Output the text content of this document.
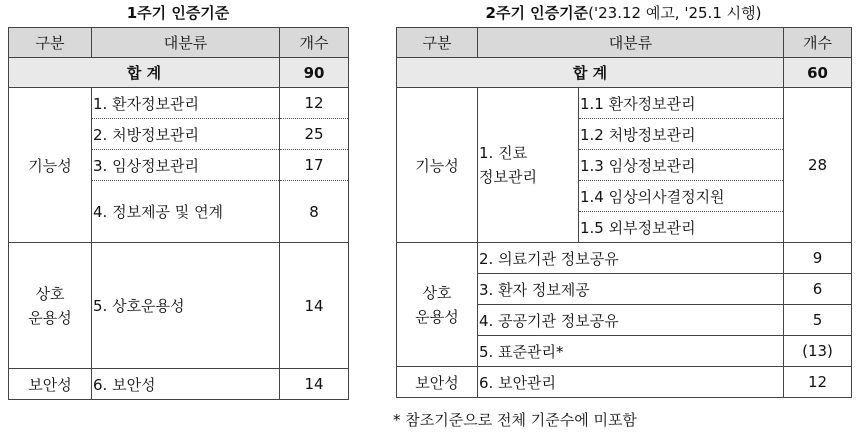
1주기 인증기준	2주기 인증기준('23.12 예고, '25.1 시행)
구분	대분류	개수
합 계		90
기능성	1. 환자정보관리	12
	2. 처방정보관리	25
	3. 임상정보관리	17
	4. 정보제공 및 연계	8
상호
운용성	5. 상호운용성	14
보안성	6. 보안성	14
구분	대분류		개수
합 계			60
기능성	1. 진료
정보관리	1.1 환자정보관리	28
		1.2 처방정보관리	
		1.3 임상정보관리	
		1.4 임상의사결정지원	
		1.5 외부정보관리	
상호
운용성	2. 의료기관 정보공유		9
	3. 환자 정보제공		6
	4. 공공기관 정보공유		5
	5. 표준관리*		(13)
보안성	6. 보안관리		12
* 참조기준으로 전체 기준수에 미포함
